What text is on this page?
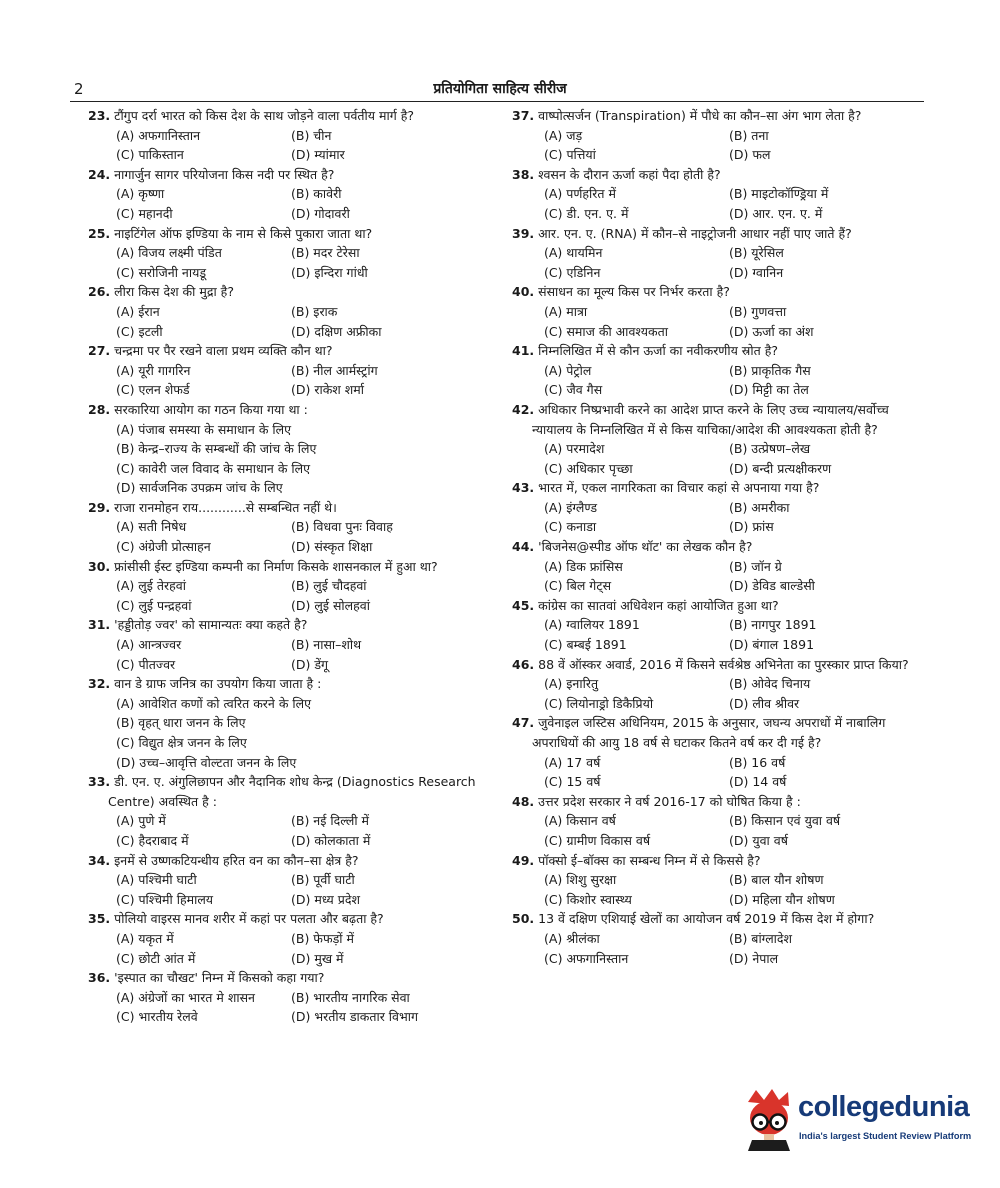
2	प्रतियोगिता साहित्य सीरीज
23. टौंगुप दर्रा भारत को किस देश के साथ जोड़ने वाला पर्वतीय मार्ग है?
(A) अफगानिस्तान	(B) चीन
(C) पाकिस्तान	(D) म्यांमार
24. नागार्जुन सागर परियोजना किस नदी पर स्थित है?
(A) कृष्णा	(B) कावेरी
(C) महानदी	(D) गोदावरी
25. नाइटिंगेल ऑफ इण्डिया के नाम से किसे पुकारा जाता था?
(A) विजय लक्ष्मी पंडित	(B) मदर टेरेसा
(C) सरोजिनी नायडू	(D) इन्दिरा गांधी
26. लीरा किस देश की मुद्रा है?
(A) ईरान	(B) इराक
(C) इटली	(D) दक्षिण अफ्रीका
27. चन्द्रमा पर पैर रखने वाला प्रथम व्यक्ति कौन था?
(A) यूरी गागरिन	(B) नील आर्मस्ट्रांग
(C) एलन शेफर्ड	(D) राकेश शर्मा
28. सरकारिया आयोग का गठन किया गया था :
(A) पंजाब समस्या के समाधान के लिए
(B) केन्द्र–राज्य के सम्बन्धों की जांच के लिए
(C) कावेरी जल विवाद के समाधान के लिए
(D) सार्वजनिक उपक्रम जांच के लिए
29. राजा रानमोहन राय............से सम्बन्धित नहीं थे।
(A) सती निषेध	(B) विधवा पुनः विवाह
(C) अंग्रेजी प्रोत्साहन	(D) संस्कृत शिक्षा
30. फ्रांसीसी ईस्ट इण्डिया कम्पनी का निर्माण किसके शासनकाल में हुआ था?
(A) लुई तेरहवां	(B) लुई चौदहवां
(C) लुई पन्द्रहवां	(D) लुई सोलहवां
31. 'हड्डीतोड़ ज्वर' को सामान्यतः क्या कहते है?
(A) आन्त्रज्वर	(B) नासा–शोथ
(C) पीतज्वर	(D) डेंगू
32. वान डे ग्राफ जनित्र का उपयोग किया जाता है :
(A) आवेशित कणों को त्वरित करने के लिए
(B) वृहत् धारा जनन के लिए
(C) विद्युत क्षेत्र जनन के लिए
(D) उच्च–आवृत्ति वोल्टता जनन के लिए
33. डी. एन. ए. अंगुलिछापन और नैदानिक शोध केन्द्र (Diagnostics Research Centre) अवस्थित है :
(A) पुणे में	(B) नई दिल्ली में
(C) हैदराबाद में	(D) कोलकाता में
34. इनमें से उष्णकटियन्धीय हरित वन का कौन–सा क्षेत्र है?
(A) पश्चिमी घाटी	(B) पूर्वी घाटी
(C) पश्चिमी हिमालय	(D) मध्य प्रदेश
35. पोलियो वाइरस मानव शरीर में कहां पर पलता और बढ़ता है?
(A) यकृत में	(B) फेफड़ों में
(C) छोटी आंत में	(D) मुख में
36. 'इस्पात का चौखट' निम्न में किसको कहा गया?
(A) अंग्रेजों का भारत मे शासन	(B) भारतीय नागरिक सेवा
(C) भारतीय रेलवे	(D) भरतीय डाकतार विभाग
37. वाष्पोत्सर्जन (Transpiration) में पौधे का कौन–सा अंग भाग लेता है?
(A) जड़	(B) तना
(C) पत्तियां	(D) फल
38. श्वसन के दौरान ऊर्जा कहां पैदा होती है?
(A) पर्णहरित में	(B) माइटोकॉण्ड्रिया में
(C) डी. एन. ए. में	(D) आर. एन. ए. में
39. आर. एन. ए. (RNA) में कौन–से नाइट्रोजनी आधार नहीं पाए जाते हैं?
(A) थायमिन	(B) यूरेसिल
(C) एडिनिन	(D) ग्वानिन
40. संसाधन का मूल्य किस पर निर्भर करता है?
(A) मात्रा	(B) गुणवत्ता
(C) समाज की आवश्यकता	(D) ऊर्जा का अंश
41. निम्नलिखित में से कौन ऊर्जा का नवीकरणीय स्रोत है?
(A) पेट्रोल	(B) प्राकृतिक गैस
(C) जैव गैस	(D) मिट्टी का तेल
42. अधिकार निष्प्रभावी करने का आदेश प्राप्त करने के लिए उच्च न्यायालय/सर्वोच्च न्यायालय के निम्नलिखित में से किस याचिका/आदेश की आवश्यकता होती है?
(A) परमादेश	(B) उत्प्रेषण–लेख
(C) अधिकार पृच्छा	(D) बन्दी प्रत्यक्षीकरण
43. भारत में, एकल नागरिकता का विचार कहां से अपनाया गया है?
(A) इंग्लैण्ड	(B) अमरीका
(C) कनाडा	(D) फ्रांस
44. 'बिजनेस@स्पीड ऑफ थॉट' का लेखक कौन है?
(A) डिक फ्रांसिस	(B) जॉन ग्रे
(C) बिल गेट्स	(D) डेविड बाल्डेसी
45. कांग्रेस का सातवां अधिवेशन कहां आयोजित हुआ था?
(A) ग्वालियर 1891	(B) नागपुर 1891
(C) बम्बई 1891	(D) बंगाल 1891
46. 88 वें ऑस्कर अवार्ड, 2016 में किसने सर्वश्रेष्ठ अभिनेता का पुरस्कार प्राप्त किया?
(A) इनारितु	(B) ओवेद चिनाय
(C) लियोनाड्रो डिकैप्रियो	(D) लीव श्रीवर
47. जुवेनाइल जस्टिस अधिनियम, 2015 के अनुसार, जघन्य अपराधों में नाबालिग अपराधियों की आयु 18 वर्ष से घटाकर कितने वर्ष कर दी गई है?
(A) 17 वर्ष	(B) 16 वर्ष
(C) 15 वर्ष	(D) 14 वर्ष
48. उत्तर प्रदेश सरकार ने वर्ष 2016-17 को घोषित किया है :
(A) किसान वर्ष	(B) किसान एवं युवा वर्ष
(C) ग्रामीण विकास वर्ष	(D) युवा वर्ष
49. पॉक्सो ई–बॉक्स का सम्बन्ध निम्न में से किससे है?
(A) शिशु सुरक्षा	(B) बाल यौन शोषण
(C) किशोर स्वास्थ्य	(D) महिला यौन शोषण
50. 13 वें दक्षिण एशियाई खेलों का आयोजन वर्ष 2019 में किस देश में होगा?
(A) श्रीलंका	(B) बांग्लादेश
(C) अफगानिस्तान	(D) नेपाल
collegedunia
India's largest Student Review Platform
